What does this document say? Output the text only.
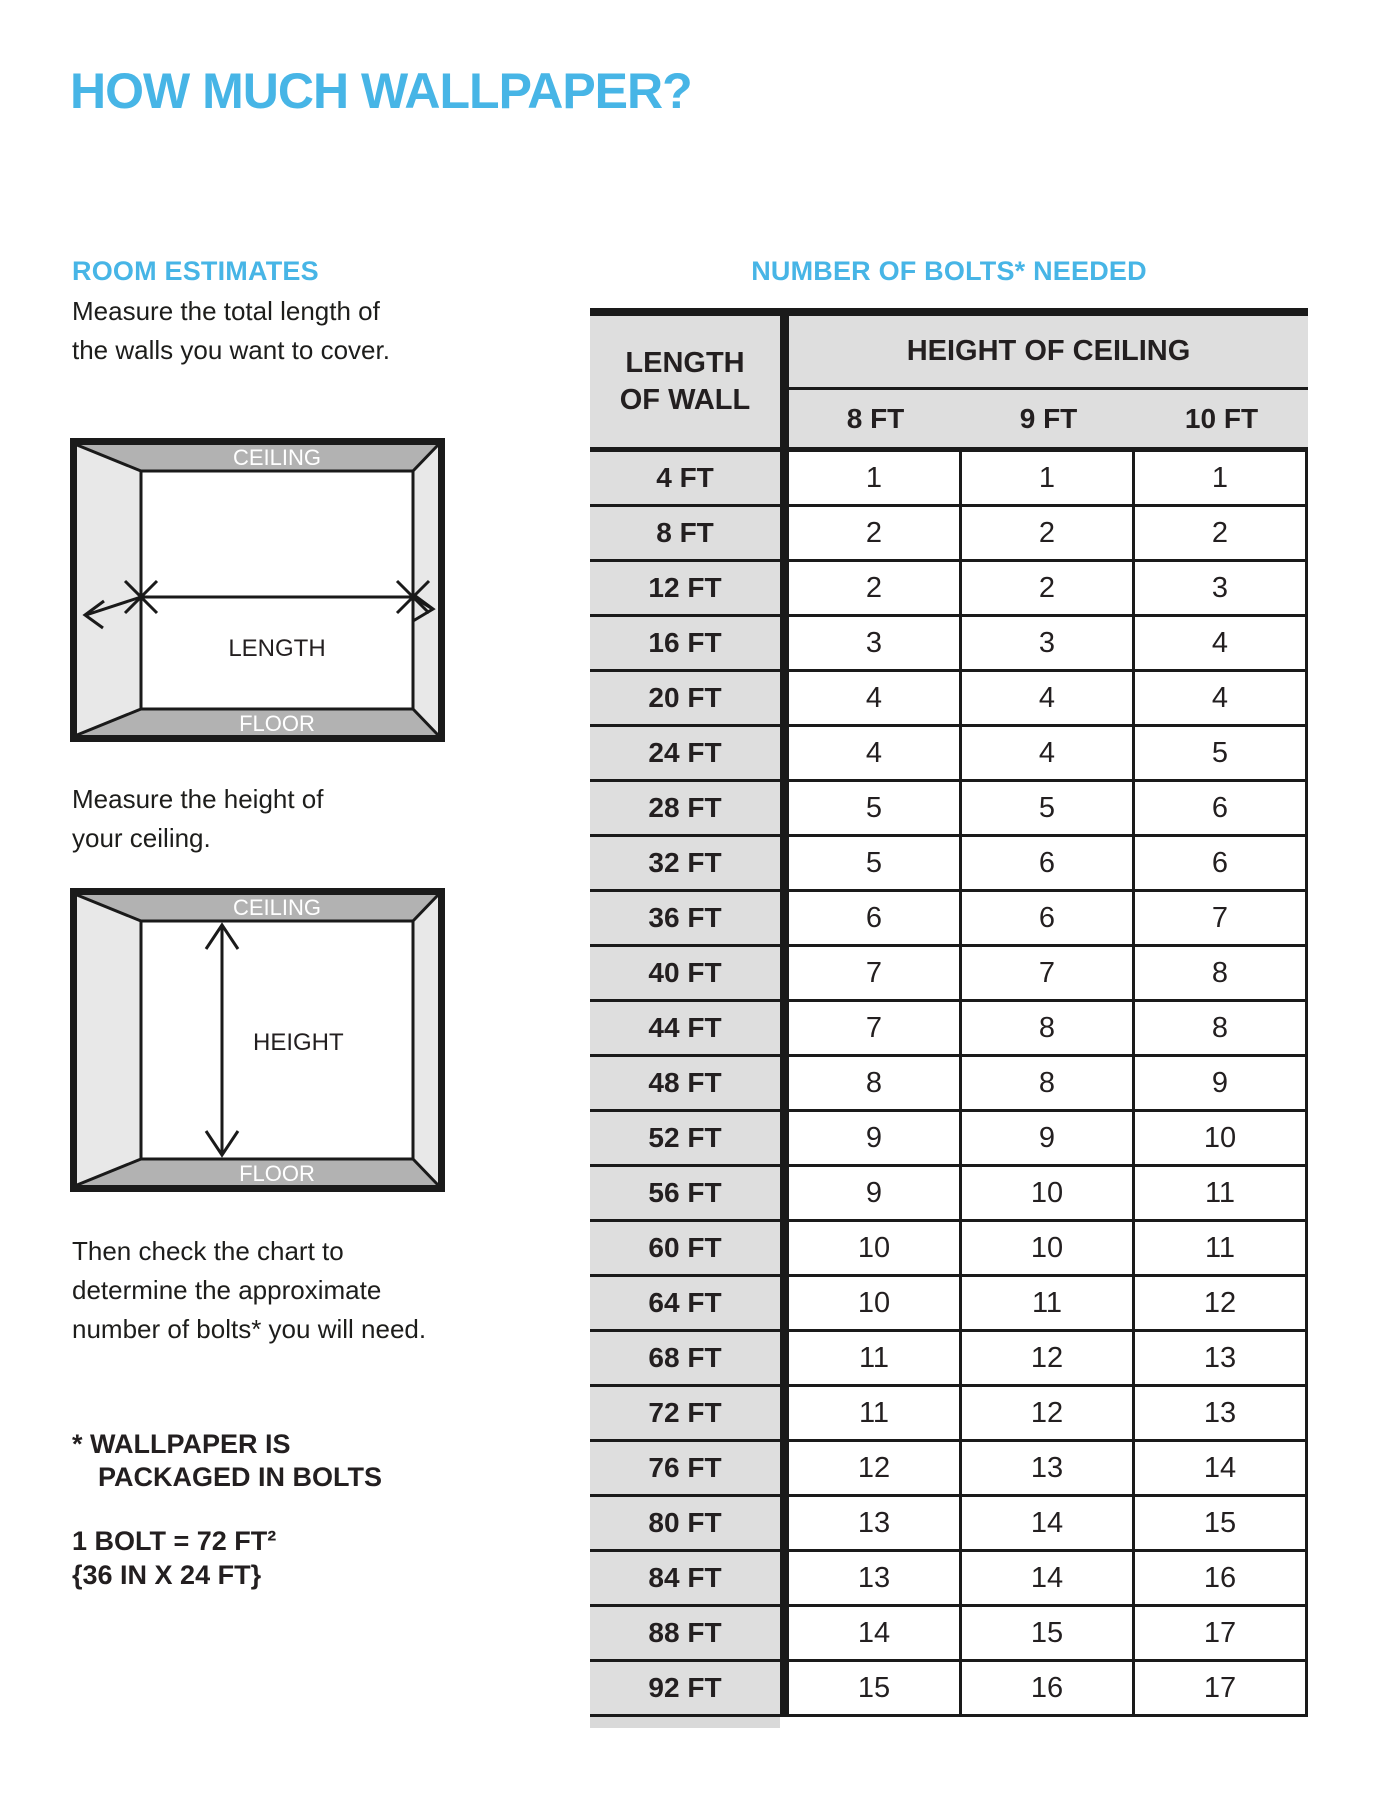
HOW MUCH WALLPAPER?
ROOM ESTIMATES	NUMBER OF BOLTS* NEEDED
Measure the total length of
the walls you want to cover.
CEILING
FLOOR
LENGTH
Measure the height of
your ceiling.
CEILING
FLOOR
HEIGHT
Then check the chart to
determine the approximate
number of bolts* you will need.
* WALLPAPER IS
PACKAGED IN BOLTS
1 BOLT = 72 FT²
{36 IN X 24 FT}
LENGTH
OF WALL
HEIGHT OF CEILING
8 FT	9 FT	10 FT
4 FT	1	1	1
8 FT	2	2	2
12 FT	2	2	3
16 FT	3	3	4
20 FT	4	4	4
24 FT	4	4	5
28 FT	5	5	6
32 FT	5	6	6
36 FT	6	6	7
40 FT	7	7	8
44 FT	7	8	8
48 FT	8	8	9
52 FT	9	9	10
56 FT	9	10	11
60 FT	10	10	11
64 FT	10	11	12
68 FT	11	12	13
72 FT	11	12	13
76 FT	12	13	14
80 FT	13	14	15
84 FT	13	14	16
88 FT	14	15	17
92 FT	15	16	17
